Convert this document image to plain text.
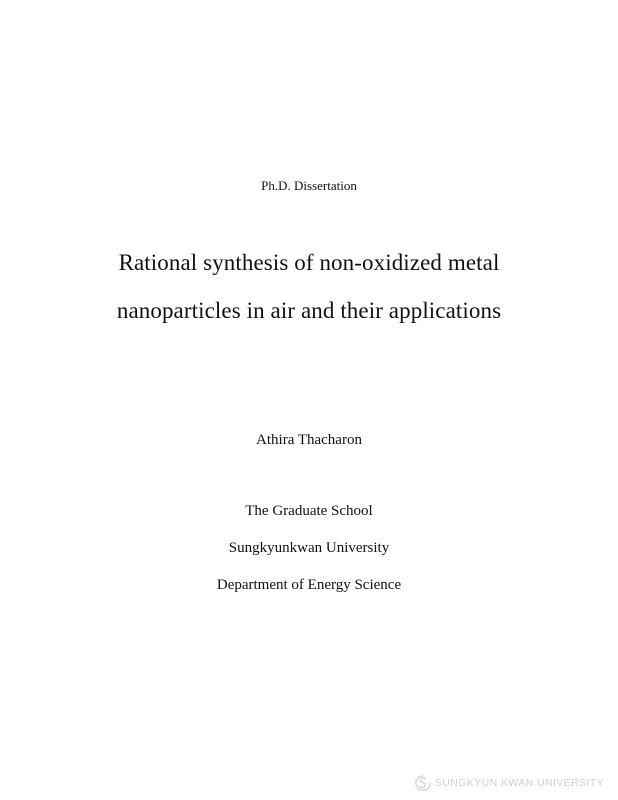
Ph.D. Dissertation
Rational synthesis of non-oxidized metal
nanoparticles in air and their applications
Athira Thacharon
The Graduate School
Sungkyunkwan University
Department of Energy Science
SUNGKYUN KWAN UNIVERSITY
